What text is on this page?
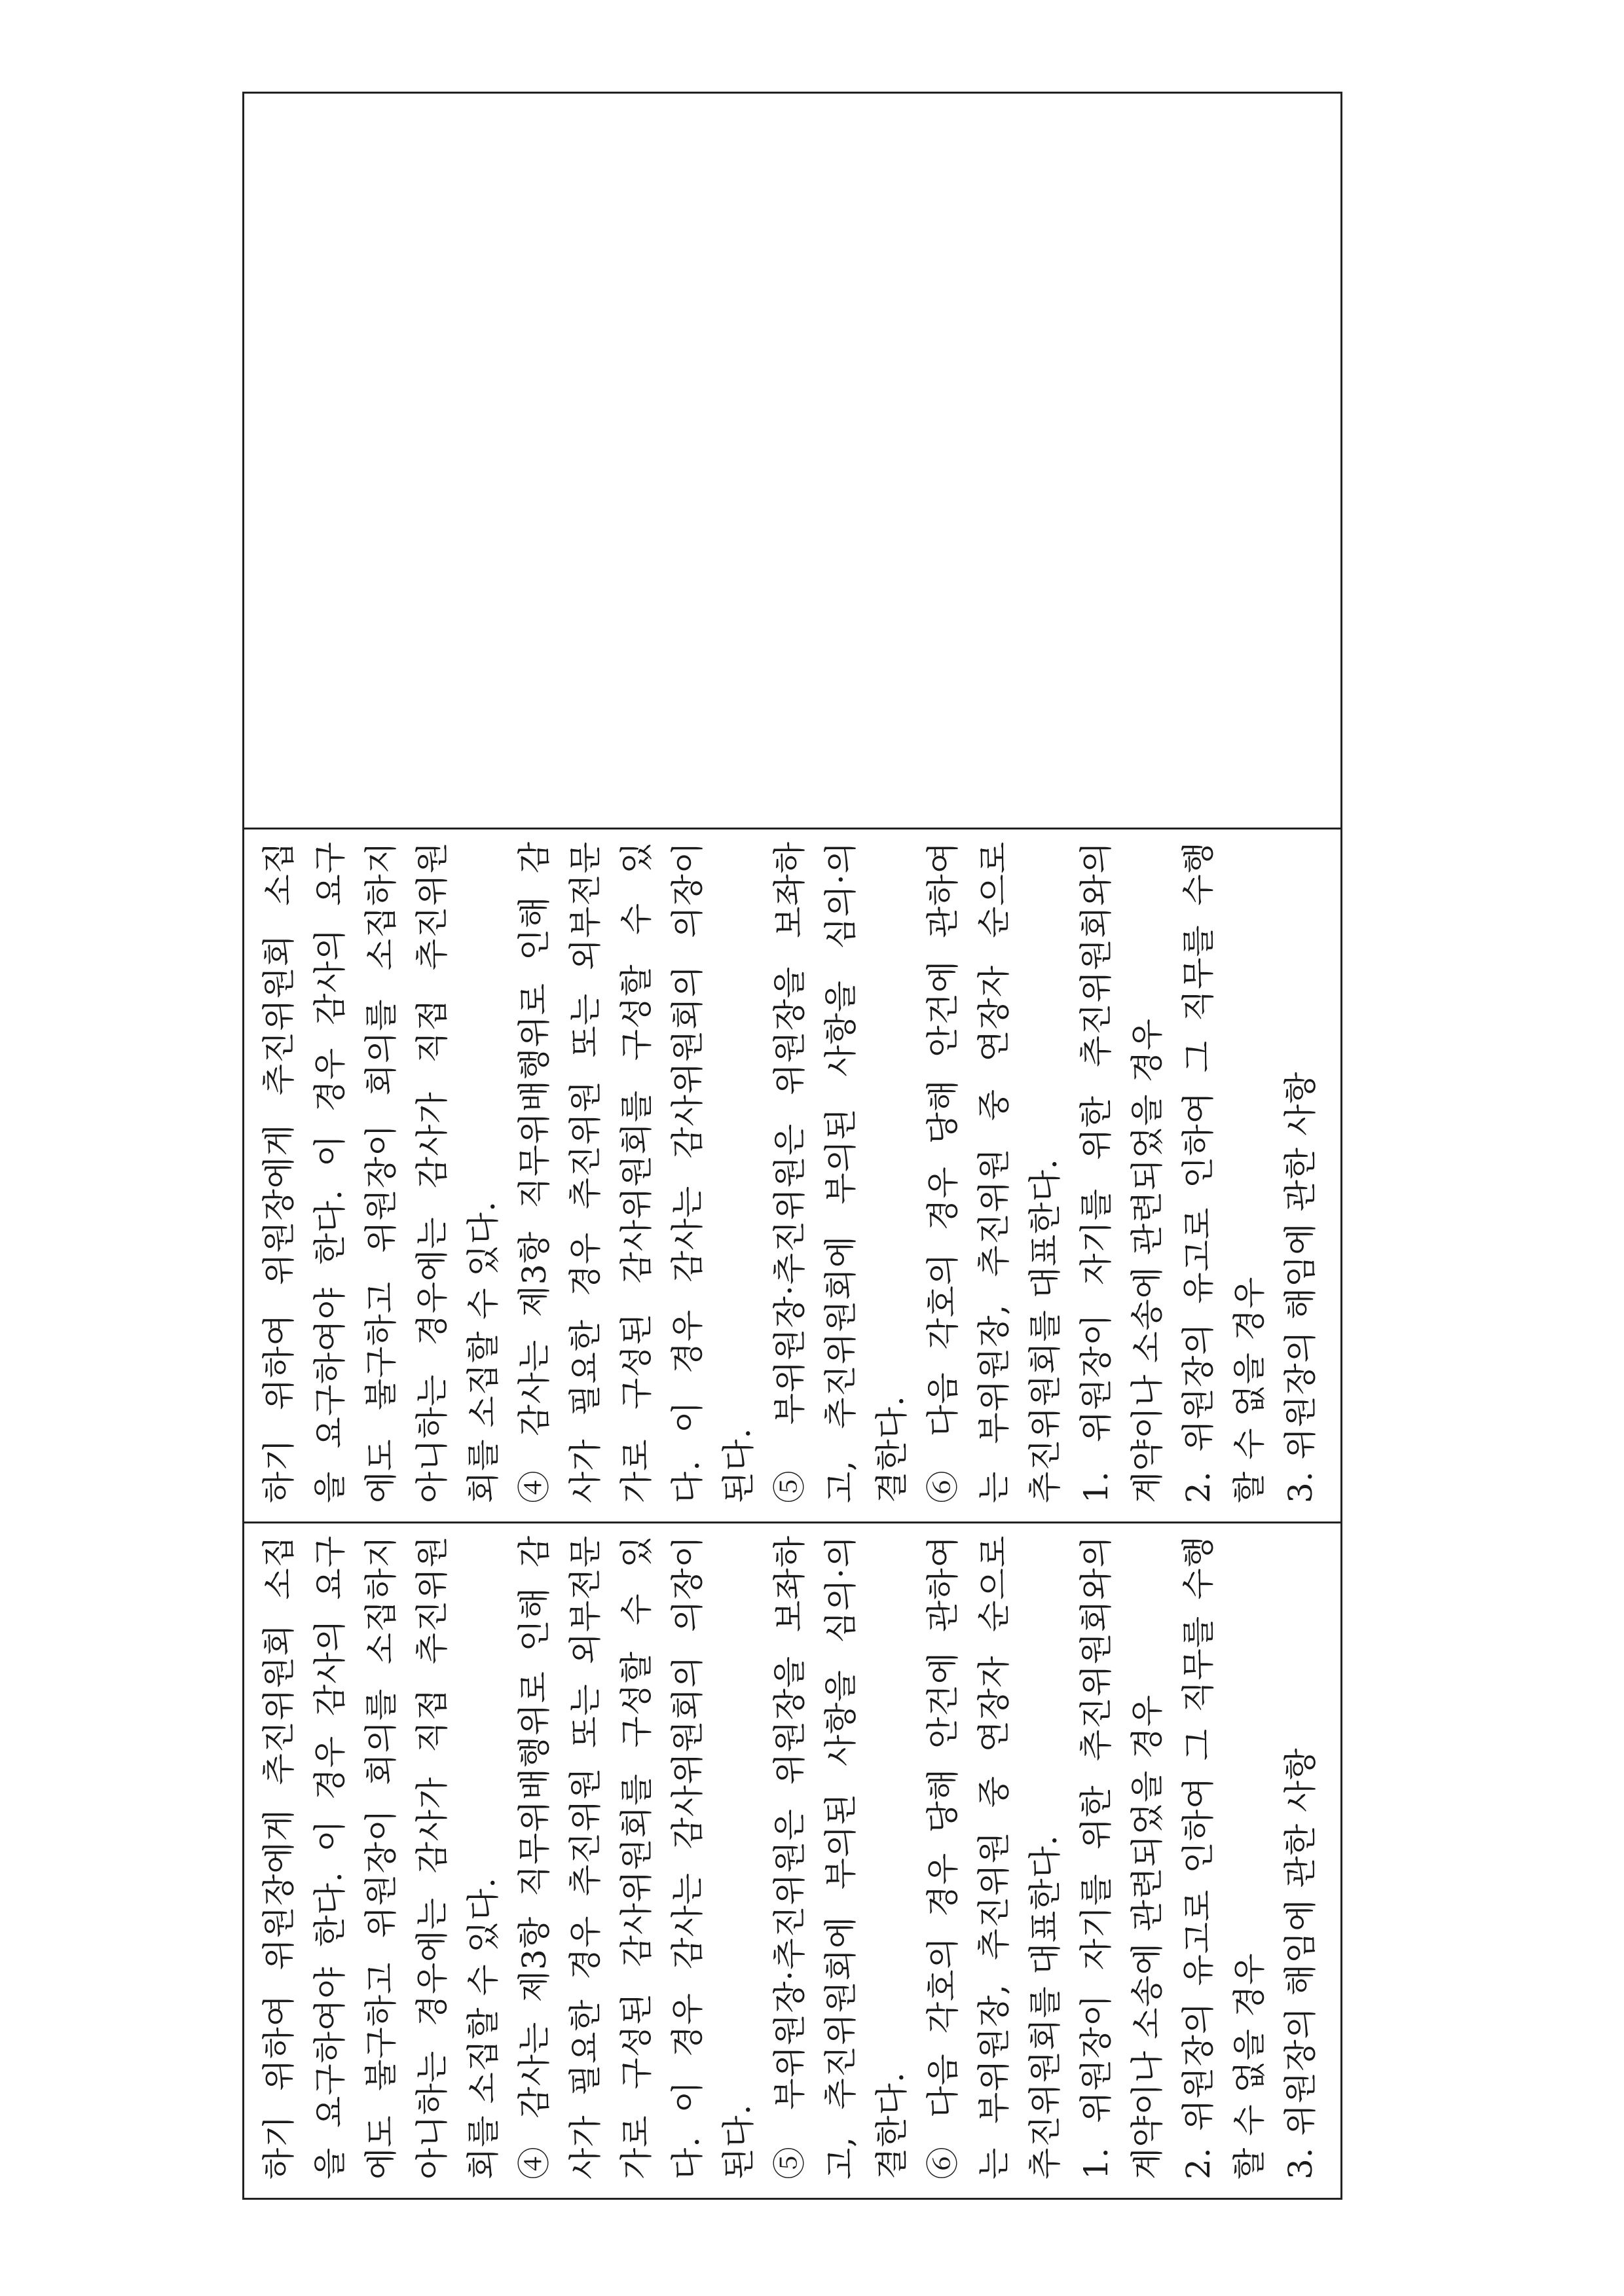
하기 위하여 위원장에게 추진위원회 소집 을 요구하여야 한다. 이 경우 감사의 요구 에도 불구하고 위원장이 회의를 소집하지 아니하는 경우에는 감사가 직접 추진위원 회를 소집할 수 있다. ④ 감사는 제3항 직무위배행위로 인해 감 사가 필요한 경우 추진위원 또는 외부전문 가로 구성된 감사위원회를 구성할 수 있 다. 이 경우 감사는 감사위원회의 의장이 된다. ⑤ 부위원장·추진위원은 위원장을 보좌하 고, 추진위원회에 부의된 사항을 심의·의 결한다. ⑥ 다음 각호의 경우 당해 안건에 관하여 는 부위원장, 추진위원 중 연장자 순으로 추진위원회를 대표한다. 1. 위원장이 자기를 위한 추진위원회와의 계약이나 소송에 관련되었을 경우 2. 위원장의 유고로 인하여 그 직무를 수행 할 수 없을 경우 3. 위원장의 해임에 관한 사항
하기 위하여 위원장에게 추진위원회 소집 을 요구하여야 한다. 이 경우 감사의 요구 에도 불구하고 위원장이 회의를 소집하지 아니하는 경우에는 감사가 직접 추진위원 회를 소집할 수 있다. ④ 감사는 제3항 직무위배행위로 인해 감 사가 필요한 경우 추진위원 또는 외부전문 가로 구성된 감사위원회를 구성할 수 있 다. 이 경우 감사는 감사위원회의 의장이 된다. ⑤ 부위원장·추진위원은 위원장을 보좌하 고, 추진위원회에 부의된 사항을 심의·의 결한다. ⑥ 다음 각호의 경우 당해 안건에 관하여 는 부위원장, 추진위원 중 연장자 순으로 추진위원회를 대표한다. 1. 위원장이 자기를 위한 추진위원회와의 계약이나 소송에 관련되었을 경우 2. 위원장의 유고로 인하여 그 직무를 수행 할 수 없을 경우 3. 위원장의 해임에 관한 사항
